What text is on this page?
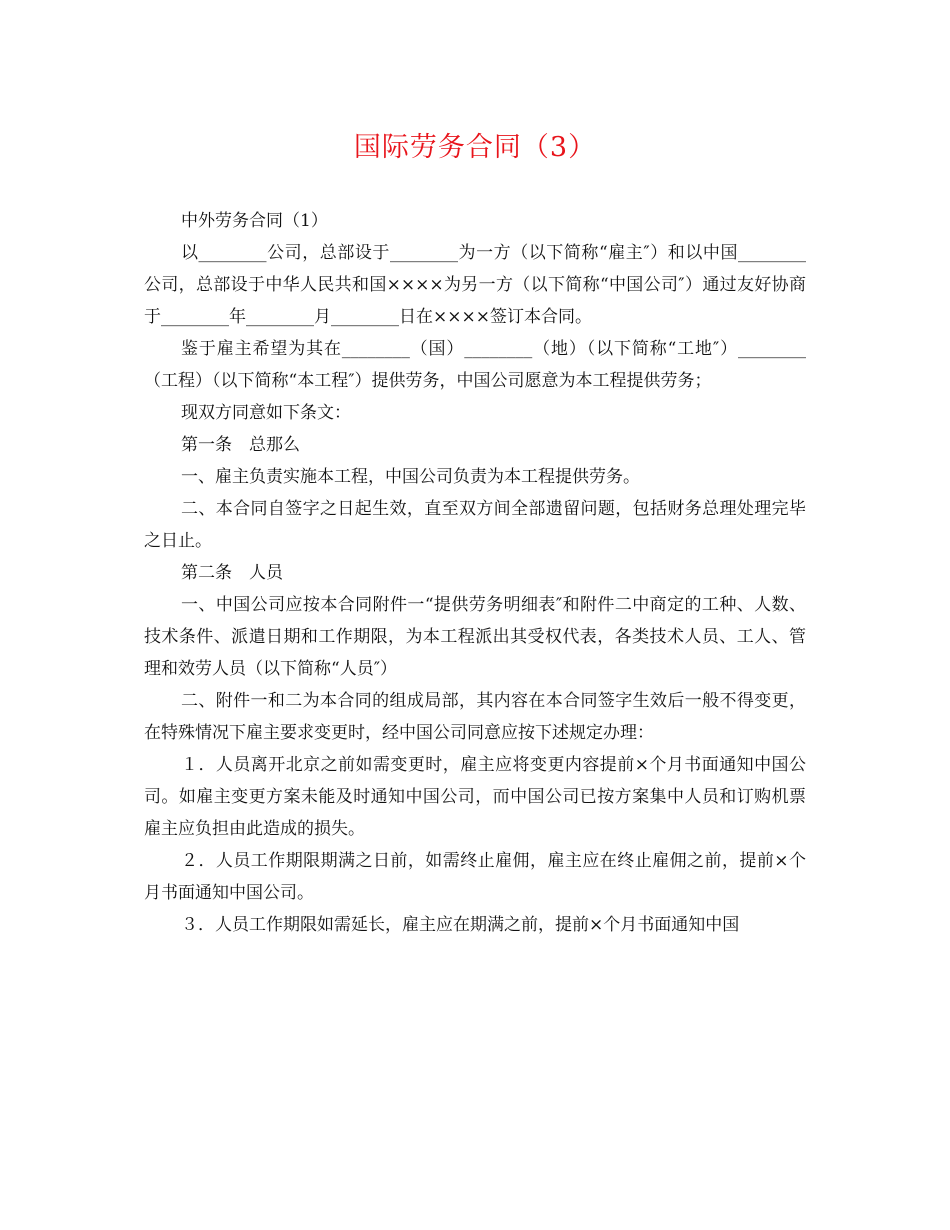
国际劳务合同（3）

中外劳务合同（1）

以________公司，总部设于________为一方（以下简称“雇主″）和以中国________公司，总部设于中华人民共和国××××为另一方（以下简称“中国公司″）通过友好协商于________年________月________日在××××签订本合同。

鉴于雇主希望为其在________（国）________（地）（以下简称“工地″）________（工程）（以下简称“本工程″）提供劳务，中国公司愿意为本工程提供劳务；

现双方同意如下条文：

第一条　总那么

一、雇主负责实施本工程，中国公司负责为本工程提供劳务。

二、本合同自签字之日起生效，直至双方间全部遗留问题，包括财务总理处理完毕之日止。

第二条　人员

一、中国公司应按本合同附件一“提供劳务明细表″和附件二中商定的工种、人数、技术条件、派遣日期和工作期限，为本工程派出其受权代表，各类技术人员、工人、管理和效劳人员（以下简称“人员″）

二、附件一和二为本合同的组成局部，其内容在本合同签字生效后一般不得变更，在特殊情况下雇主要求变更时，经中国公司同意应按下述规定办理：

１．人员离开北京之前如需变更时，雇主应将变更内容提前×个月书面通知中国公司。如雇主变更方案未能及时通知中国公司，而中国公司已按方案集中人员和订购机票雇主应负担由此造成的损失。

２．人员工作期限期满之日前，如需终止雇佣，雇主应在终止雇佣之前，提前×个月书面通知中国公司。

３．人员工作期限如需延长，雇主应在期满之前，提前×个月书面通知中国
